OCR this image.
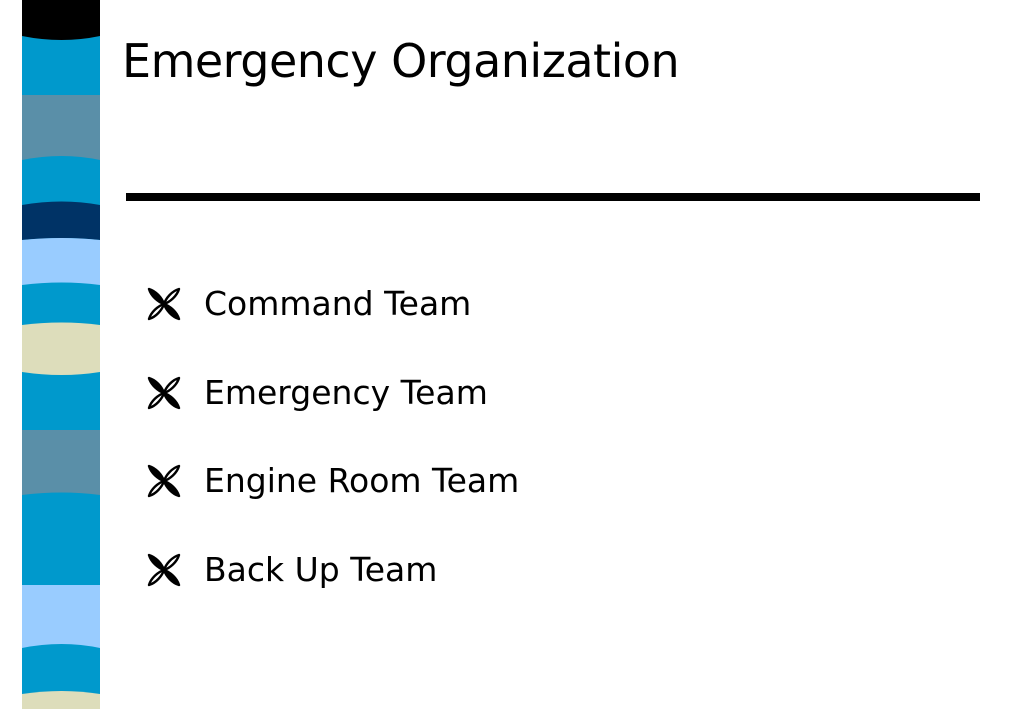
Emergency Organization
Command Team
Emergency Team
Engine Room Team
Back Up Team
